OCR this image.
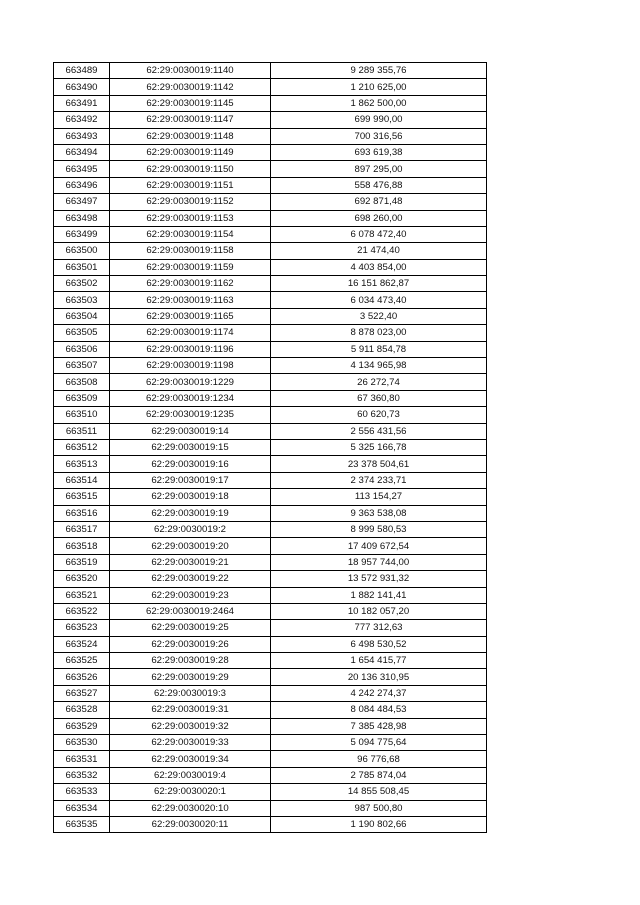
663489	62:29:0030019:1140	9 289 355,76
663490	62:29:0030019:1142	1 210 625,00
663491	62:29:0030019:1145	1 862 500,00
663492	62:29:0030019:1147	699 990,00
663493	62:29:0030019:1148	700 316,56
663494	62:29:0030019:1149	693 619,38
663495	62:29:0030019:1150	897 295,00
663496	62:29:0030019:1151	558 476,88
663497	62:29:0030019:1152	692 871,48
663498	62:29:0030019:1153	698 260,00
663499	62:29:0030019:1154	6 078 472,40
663500	62:29:0030019:1158	21 474,40
663501	62:29:0030019:1159	4 403 854,00
663502	62:29:0030019:1162	16 151 862,87
663503	62:29:0030019:1163	6 034 473,40
663504	62:29:0030019:1165	3 522,40
663505	62:29:0030019:1174	8 878 023,00
663506	62:29:0030019:1196	5 911 854,78
663507	62:29:0030019:1198	4 134 965,98
663508	62:29:0030019:1229	26 272,74
663509	62:29:0030019:1234	67 360,80
663510	62:29:0030019:1235	60 620,73
663511	62:29:0030019:14	2 556 431,56
663512	62:29:0030019:15	5 325 166,78
663513	62:29:0030019:16	23 378 504,61
663514	62:29:0030019:17	2 374 233,71
663515	62:29:0030019:18	113 154,27
663516	62:29:0030019:19	9 363 538,08
663517	62:29:0030019:2	8 999 580,53
663518	62:29:0030019:20	17 409 672,54
663519	62:29:0030019:21	18 957 744,00
663520	62:29:0030019:22	13 572 931,32
663521	62:29:0030019:23	1 882 141,41
663522	62:29:0030019:2464	10 182 057,20
663523	62:29:0030019:25	777 312,63
663524	62:29:0030019:26	6 498 530,52
663525	62:29:0030019:28	1 654 415,77
663526	62:29:0030019:29	20 136 310,95
663527	62:29:0030019:3	4 242 274,37
663528	62:29:0030019:31	8 084 484,53
663529	62:29:0030019:32	7 385 428,98
663530	62:29:0030019:33	5 094 775,64
663531	62:29:0030019:34	96 776,68
663532	62:29:0030019:4	2 785 874,04
663533	62:29:0030020:1	14 855 508,45
663534	62:29:0030020:10	987 500,80
663535	62:29:0030020:11	1 190 802,66
